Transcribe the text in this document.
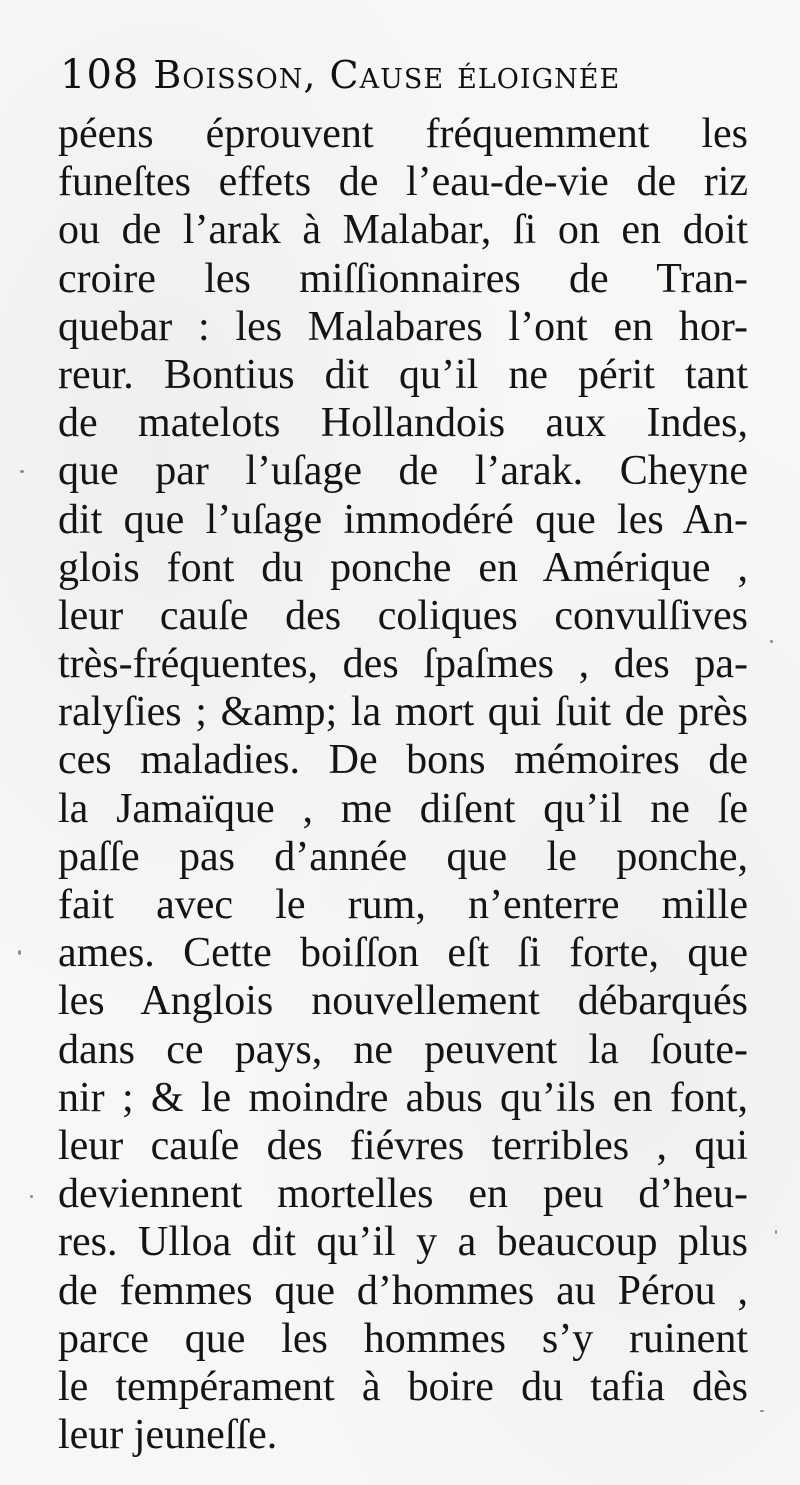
108 Boisson, Cause éloignée
péens éprouvent fréquemment les
funeſtes effets de l’eau-de-vie de riz
ou de l’arak à Malabar, ſi on en doit
croire les miſſionnaires de Tran-
quebar : les Malabares l’ont en hor-
reur. Bontius dit qu’il ne périt tant
de matelots Hollandois aux Indes,
que par l’uſage de l’arak. Cheyne
dit que l’uſage immodéré que les An-
glois font du ponche en Amérique ,
leur cauſe des coliques convulſives
très-fréquentes, des ſpaſmes , des pa-
ralyſies ; &amp; la mort qui ſuit de près
ces maladies. De bons mémoires de
la Jamaïque , me diſent qu’il ne ſe
paſſe pas d’année que le ponche,
fait avec le rum, n’enterre mille
ames. Cette boiſſon eſt ſi forte, que
les Anglois nouvellement débarqués
dans ce pays, ne peuvent la ſoute-
nir ; & le moindre abus qu’ils en font,
leur cauſe des fiévres terribles , qui
deviennent mortelles en peu d’heu-
res. Ulloa dit qu’il y a beaucoup plus
de femmes que d’hommes au Pérou ,
parce que les hommes s’y ruinent
le tempérament à boire du tafia dès
leur jeuneſſe.
